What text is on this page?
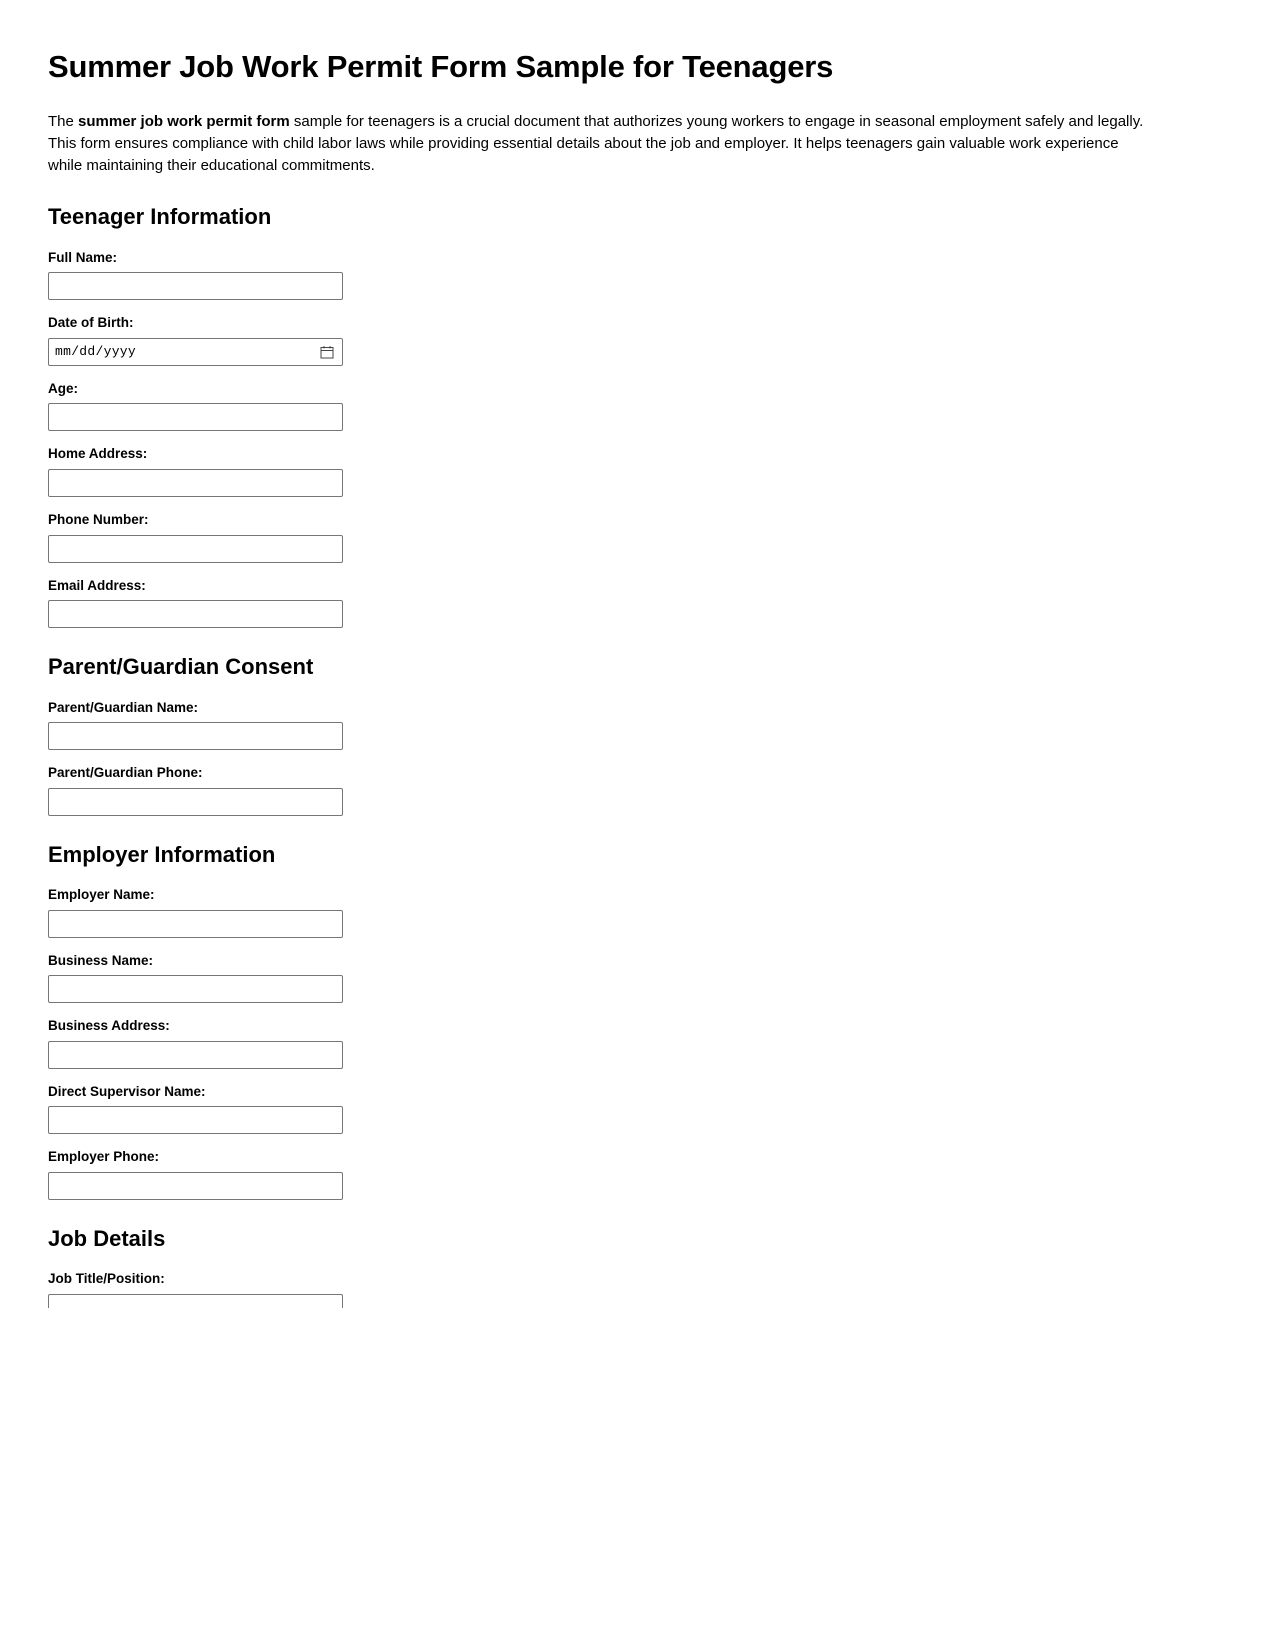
Summer Job Work Permit Form Sample for Teenagers

The summer job work permit form sample for teenagers is a crucial document that authorizes young workers to engage in seasonal employment safely and legally. This form ensures compliance with child labor laws while providing essential details about the job and employer. It helps teenagers gain valuable work experience while maintaining their educational commitments.

Teenager Information
Full Name:
Date of Birth:
mm/dd/yyyy
Age:
Home Address:
Phone Number:
Email Address:
Parent/Guardian Consent
Parent/Guardian Name:
Parent/Guardian Phone:
Employer Information
Employer Name:
Business Name:
Business Address:
Direct Supervisor Name:
Employer Phone:
Job Details
Job Title/Position:
